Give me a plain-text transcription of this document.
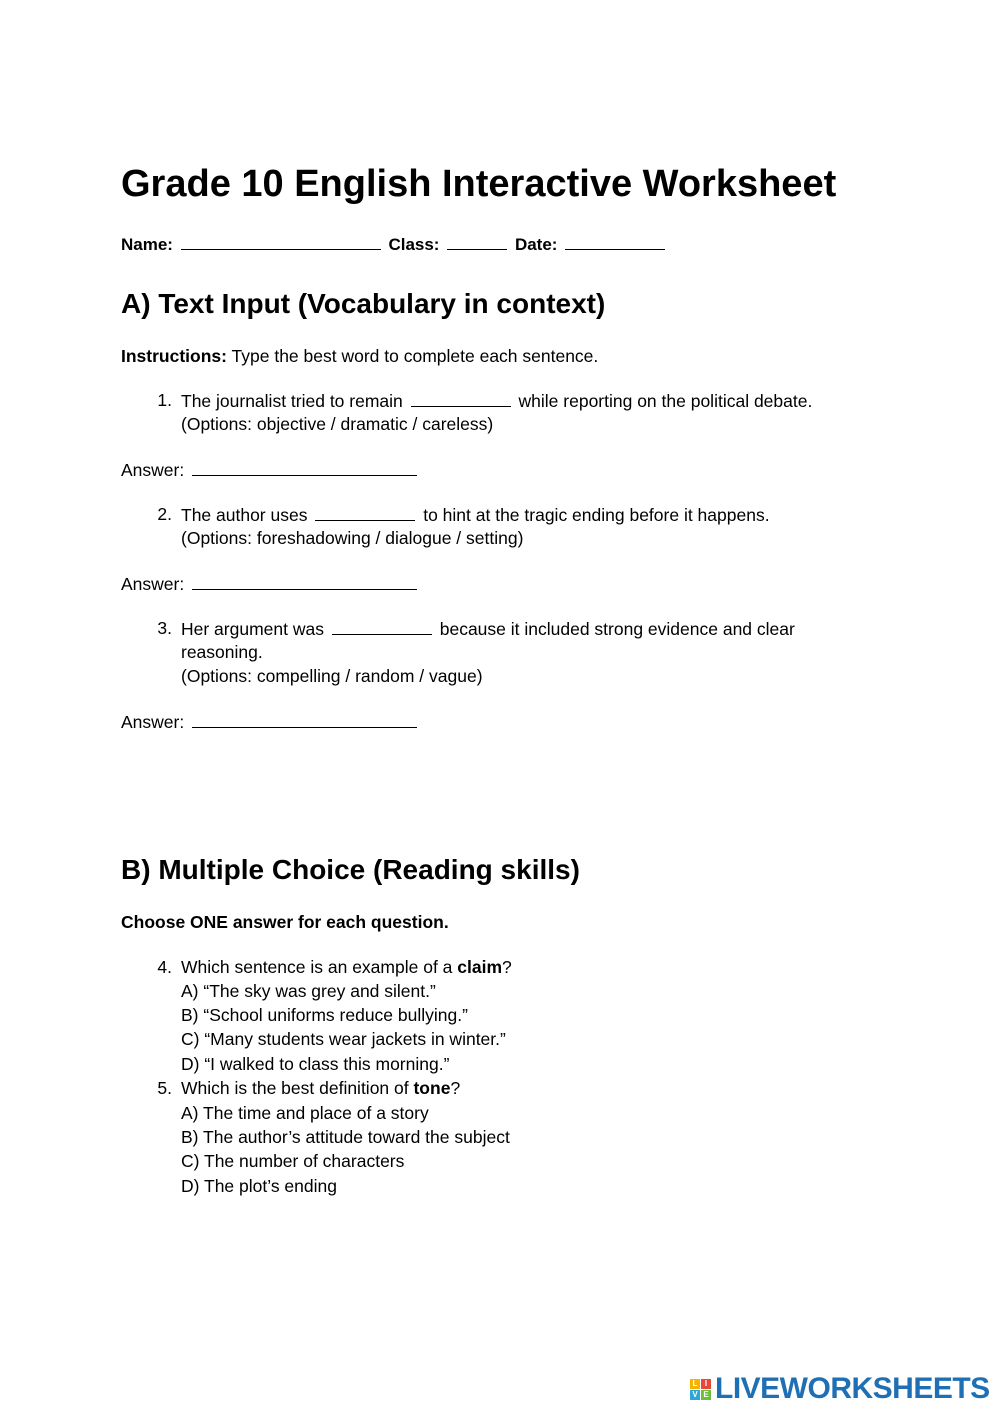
Grade 10 English Interactive Worksheet
Name:	Class:	Date:
A) Text Input (Vocabulary in context)
Instructions: Type the best word to complete each sentence.
1. The journalist tried to remain	while reporting on the political debate.
(Options: objective / dramatic / careless)
Answer:
2. The author uses	to hint at the tragic ending before it happens.
(Options: foreshadowing / dialogue / setting)
Answer:
3. Her argument was	because it included strong evidence and clear
reasoning.
(Options: compelling / random / vague)
Answer:
B) Multiple Choice (Reading skills)
Choose ONE answer for each question.
4. Which sentence is an example of a claim?
A) “The sky was grey and silent.”
B) “School uniforms reduce bullying.”
C) “Many students wear jackets in winter.”
D) “I walked to class this morning.”
5. Which is the best definition of tone?
A) The time and place of a story
B) The author’s attitude toward the subject
C) The number of characters
D) The plot’s ending
L I
V E LIVEWORKSHEETS
